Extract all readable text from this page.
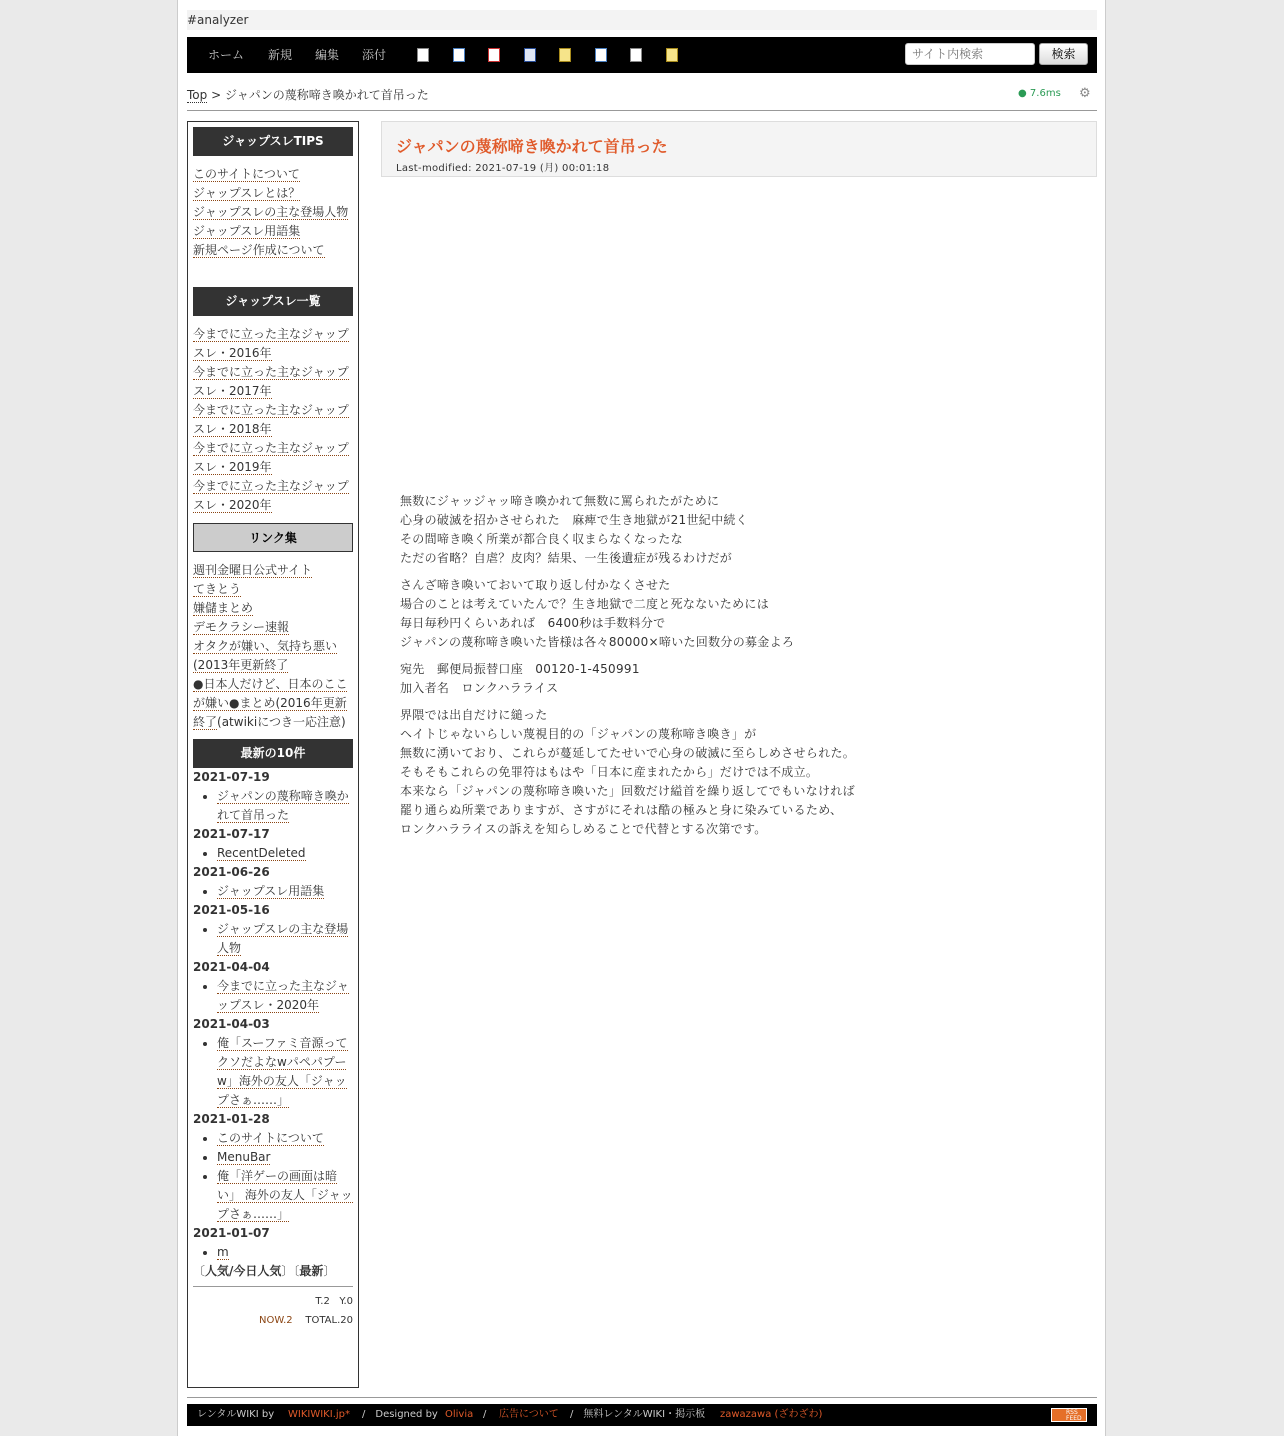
#analyzer
ホーム 新規 編集 添付
サイト内検索	検索
Top > ジャパンの蔑称啼き喚かれて首吊った	● 7.6ms ⚙
ジャップスレTIPS
このサイトについて
ジャップスレとは？
ジャップスレの主な登場人物
ジャップスレ用語集
新規ページ作成について
ジャップスレ一覧
今までに立った主なジャップスレ・2016年
今までに立った主なジャップスレ・2017年
今までに立った主なジャップスレ・2018年
今までに立った主なジャップスレ・2019年
今までに立った主なジャップスレ・2020年
リンク集
週刊金曜日公式サイト
てきとう
嫌儲まとめ
デモクラシー速報
オタクが嫌い、気持ち悪い(2013年更新終了
●日本人だけど、日本のここが嫌い●まとめ(2016年更新終了(atwikiにつき一応注意)
最新の10件
2021-07-19
• ジャパンの蔑称啼き喚かれて首吊った
2021-07-17
• RecentDeleted
2021-06-26
• ジャップスレ用語集
2021-05-16
• ジャップスレの主な登場人物
2021-04-04
• 今までに立った主なジャップスレ・2020年
2021-04-03
• 俺「スーファミ音源ってクソだよなwパペパプーw」海外の友人「ジャップさぁ……」
2021-01-28
• このサイトについて
• MenuBar
• 俺「洋ゲーの画面は暗い」 海外の友人「ジャップさぁ……」
2021-01-07
• m
〔人気/今日人気〕〔最新〕
T.2 Y.0
NOW.2 TOTAL.20
ジャパンの蔑称啼き喚かれて首吊った
Last-modified: 2021-07-19 (月) 00:01:18

無数にジャッジャッ啼き喚かれて無数に罵られたがために
心身の破滅を招かさせられた　麻痺で生き地獄が21世紀中続く
その間啼き喚く所業が都合良く収まらなくなったな
ただの省略？自虐？皮肉？結果、一生後遺症が残るわけだが

さんざ啼き喚いておいて取り返し付かなくさせた
場合のことは考えていたんで？生き地獄で二度と死なないためには
毎日毎秒円くらいあれば　6400秒は手数料分で
ジャパンの蔑称啼き喚いた皆様は各々80000×啼いた回数分の募金よろ

宛先　郵便局振替口座　00120-1-450991
加入者名　ロンクハラライス

界隈では出自だけに縋った
ヘイトじゃないらしい蔑視目的の「ジャパンの蔑称啼き喚き」が
無数に湧いており、これらが蔓延してたせいで心身の破滅に至らしめさせられた。
そもそもこれらの免罪符はもはや「日本に産まれたから」だけでは不成立。
本来なら「ジャパンの蔑称啼き喚いた」回数だけ縊首を繰り返してでもいなければ
罷り通らぬ所業でありますが、さすがにそれは酷の極みと身に染みているため、
ロンクハラライスの訴えを知らしめることで代替とする次第です。

レンタルWIKI by WIKIWIKI.jp* /　Designed by Olivia / 広告について /　無料レンタルWIKI・掲示板 zawazawa (ざわざわ)	RSS FEED
